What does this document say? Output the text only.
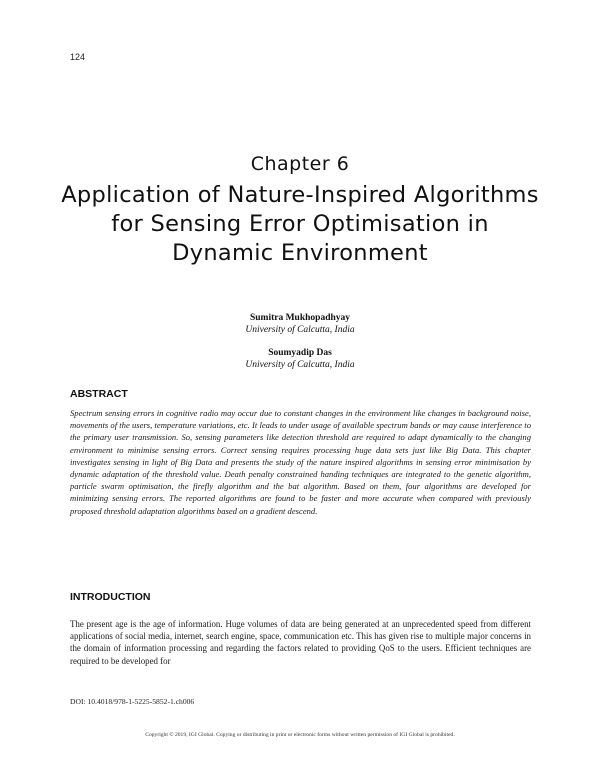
124
Chapter 6
Application of Nature-Inspired Algorithms for Sensing Error Optimisation in Dynamic Environment
Sumitra Mukhopadhyay
University of Calcutta, India
Soumyadip Das
University of Calcutta, India
ABSTRACT
Spectrum sensing errors in cognitive radio may occur due to constant changes in the environment like changes in background noise, movements of the users, temperature variations, etc. It leads to under usage of available spectrum bands or may cause interference to the primary user transmission. So, sensing parameters like detection threshold are required to adapt dynamically to the changing environment to minimise sensing errors. Correct sensing requires processing huge data sets just like Big Data. This chapter investigates sensing in light of Big Data and presents the study of the nature inspired algorithms in sensing error minimisation by dynamic adaptation of the threshold value. Death penalty constrained handing techniques are integrated to the genetic algorithm, particle swarm optimisation, the firefly algorithm and the bat algorithm. Based on them, four algorithms are developed for minimizing sensing errors. The reported algorithms are found to be faster and more accurate when compared with previously proposed threshold adaptation algorithms based on a gradient descend.
INTRODUCTION
The present age is the age of information. Huge volumes of data are being generated at an unprecedented speed from different applications of social media, internet, search engine, space, communication etc. This has given rise to multiple major concerns in the domain of information processing and regarding the factors related to providing QoS to the users. Efficient techniques are required to be developed for
DOI: 10.4018/978-1-5225-5852-1.ch006
Copyright © 2019, IGI Global. Copying or distributing in print or electronic forms without written permission of IGI Global is prohibited.
